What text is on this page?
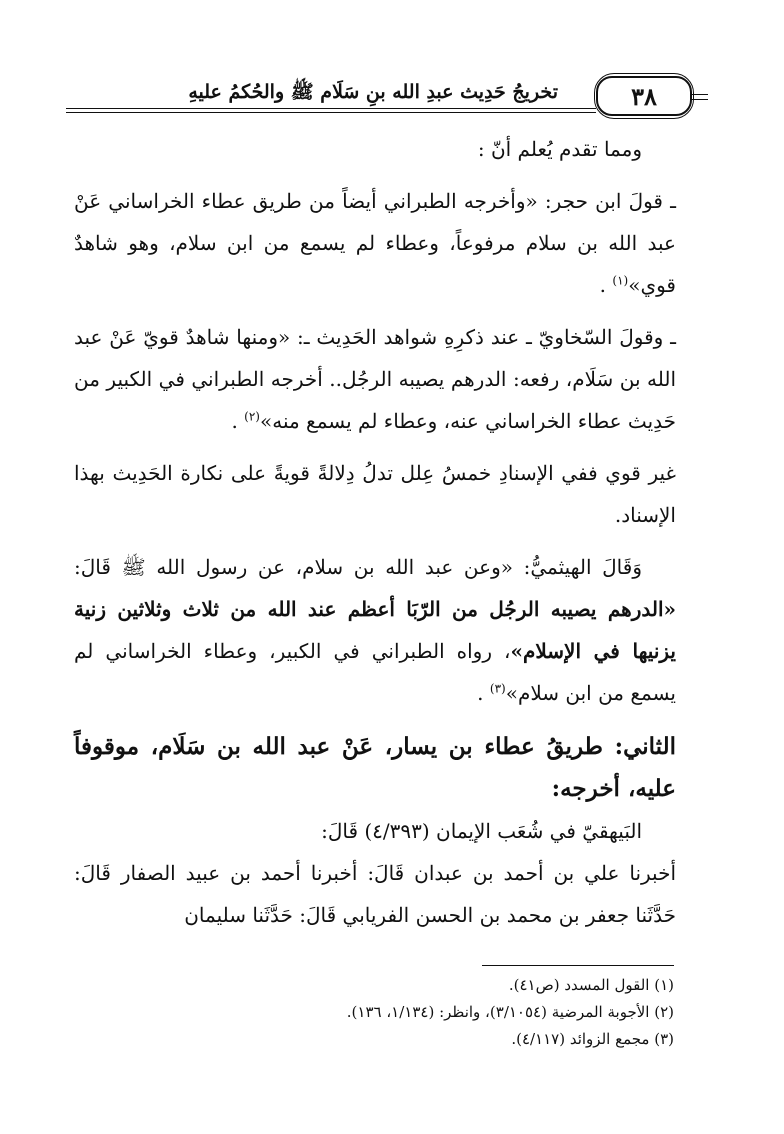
تخريجُ حَدِيث عبدِ الله بنِ سَلَام ﷺ والحُكمُ عليهِ	٣٨

ومما تقدم يُعلم أنّ :

ـ قولَ ابن حجر: «وأخرجه الطبراني أيضاً من طريق عطاء الخراساني عَنْ عبد الله بن سلام مرفوعاً، وعطاء لم يسمع من ابن سلام، وهو شاهدٌ قوي»$^{(١)}$ .

ـ وقولَ السّخاويّ ـ عند ذكرِهِ شواهد الحَدِيث ـ: «ومنها شاهدٌ قويّ عَنْ عبد الله بن سَلَام، رفعه: الدرهم يصيبه الرجُل.. أخرجه الطبراني في الكبير من حَدِيث عطاء الخراساني عنه، وعطاء لم يسمع منه»$^{(٢)}$ .

غير قوي ففي الإسنادِ خمسُ عِلل تدلُ دِلالةً قويةً على نكارة الحَدِيث بهذا الإسناد.

وَقَالَ الهيثميُّ: «وعن عبد الله بن سلام، عن رسول الله ﷺ قَالَ: «الدرهم يصيبه الرجُل من الرّبَا أعظم عند الله من ثلاث وثلاثين زنية يزنيها في الإسلام»، رواه الطبراني في الكبير، وعطاء الخراساني لم يسمع من ابن سلام»$^{(٣)}$ .

الثاني: طريقُ عطاء بن يسار، عَنْ عبد الله بن سَلَام، موقوفاً عليه، أخرجه:

البَيهقيّ في شُعَب الإيمان (٤/٣٩٣) قَالَ:

أخبرنا علي بن أحمد بن عبدان قَالَ: أخبرنا أحمد بن عبيد الصفار قَالَ: حَدَّثَنا جعفر بن محمد بن الحسن الفريابي قَالَ: حَدَّثَنا سليمان

(١) القول المسدد (ص٤١).
(٢) الأجوبة المرضية (٣/١٠٥٤)، وانظر: (١/١٣٤، ١٣٦).
(٣) مجمع الزوائد (٤/١١٧).
